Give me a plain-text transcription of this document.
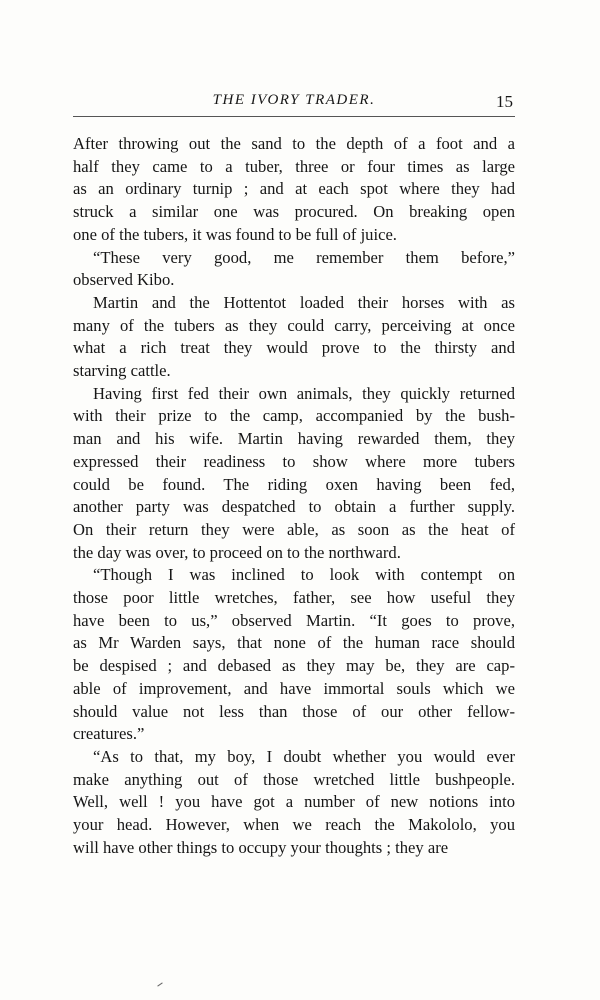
THE IVORY TRADER.	15

After throwing out the sand to the depth of a foot and a
half they came to a tuber, three or four times as large
as an ordinary turnip ; and at each spot where they had
struck a similar one was procured. On breaking open
one of the tubers, it was found to be full of juice.

“These very good, me remember them before,”
observed Kibo.

Martin and the Hottentot loaded their horses with as
many of the tubers as they could carry, perceiving at once
what a rich treat they would prove to the thirsty and
starving cattle.

Having first fed their own animals, they quickly returned
with their prize to the camp, accompanied by the bush-
man and his wife. Martin having rewarded them, they
expressed their readiness to show where more tubers
could be found. The riding oxen having been fed,
another party was despatched to obtain a further supply.
On their return they were able, as soon as the heat of
the day was over, to proceed on to the northward.

“Though I was inclined to look with contempt on
those poor little wretches, father, see how useful they
have been to us,” observed Martin. “It goes to prove,
as Mr Warden says, that none of the human race should
be despised ; and debased as they may be, they are cap-
able of improvement, and have immortal souls which we
should value not less than those of our other fellow-
creatures.”

“As to that, my boy, I doubt whether you would ever
make anything out of those wretched little bushpeople.
Well, well ! you have got a number of new notions into
your head. However, when we reach the Makololo, you
will have other things to occupy your thoughts ; they are
